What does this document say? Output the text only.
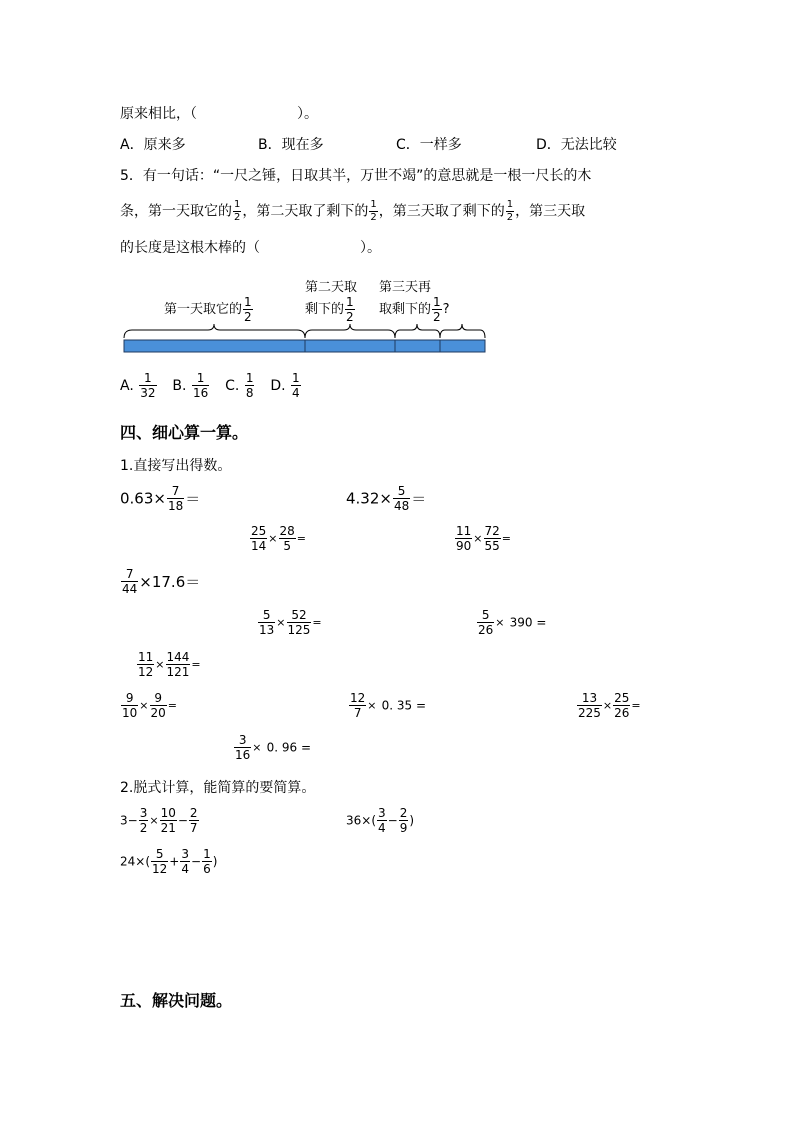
原来相比，（	）。
A．原来多	B．现在多	C．一样多	D．无法比较
5．有一句话：“一尺之锤，日取其半，万世不竭”的意思就是一根一尺长的木
条，第一天取它的 $\frac{1}{2}$ ，第二天取了剩下的 $\frac{1}{2}$ ，第三天取了剩下的 $\frac{1}{2}$ ，第三天取
的长度是这根木棒的（	）。
第一天取它的 $\frac{1}{2}$
第二天取
剩下的 $\frac{1}{2}$
第三天再
取剩下的 $\frac{1}{2}$ ?
A. $\frac{1}{32} B$. $\frac{1}{16} C$. $\frac{1}{8} D$. $\frac{1}{4}$
四、细心算一算。
1.直接写出得数。
$0.63\times \frac{7}{18}$ ＝	$4.32\times \frac{5}{48}$ ＝
$\frac{25}{14} \times \frac{28}{5}$ =	$\frac{11}{90} \times \frac{72}{55}$ =
$\frac{7}{44} \times 17.6=$
$\frac{5}{13} \times \frac{52}{125}$ =	$\frac{5}{26} \times 390$ =
$\frac{11}{12} \times \frac{144}{121}$ =
$\frac{9}{10} \times \frac{9}{20}$ =	$\frac{12}{7} \times 0$. 35 =	$\frac{13}{225} \times \frac{25}{26}$ =
$\frac{3}{16} \times 0$. 96 =
2.脱式计算，能简算的要简算。
$3- \frac{3}{2} \times \frac{10}{21} - \frac{2}{7}$	$36\times( \frac{3}{4} - \frac{2}{9}$ )
$24\times( \frac{5}{12} + \frac{3}{4} - \frac{1}{6}$ )
五、解决问题。
